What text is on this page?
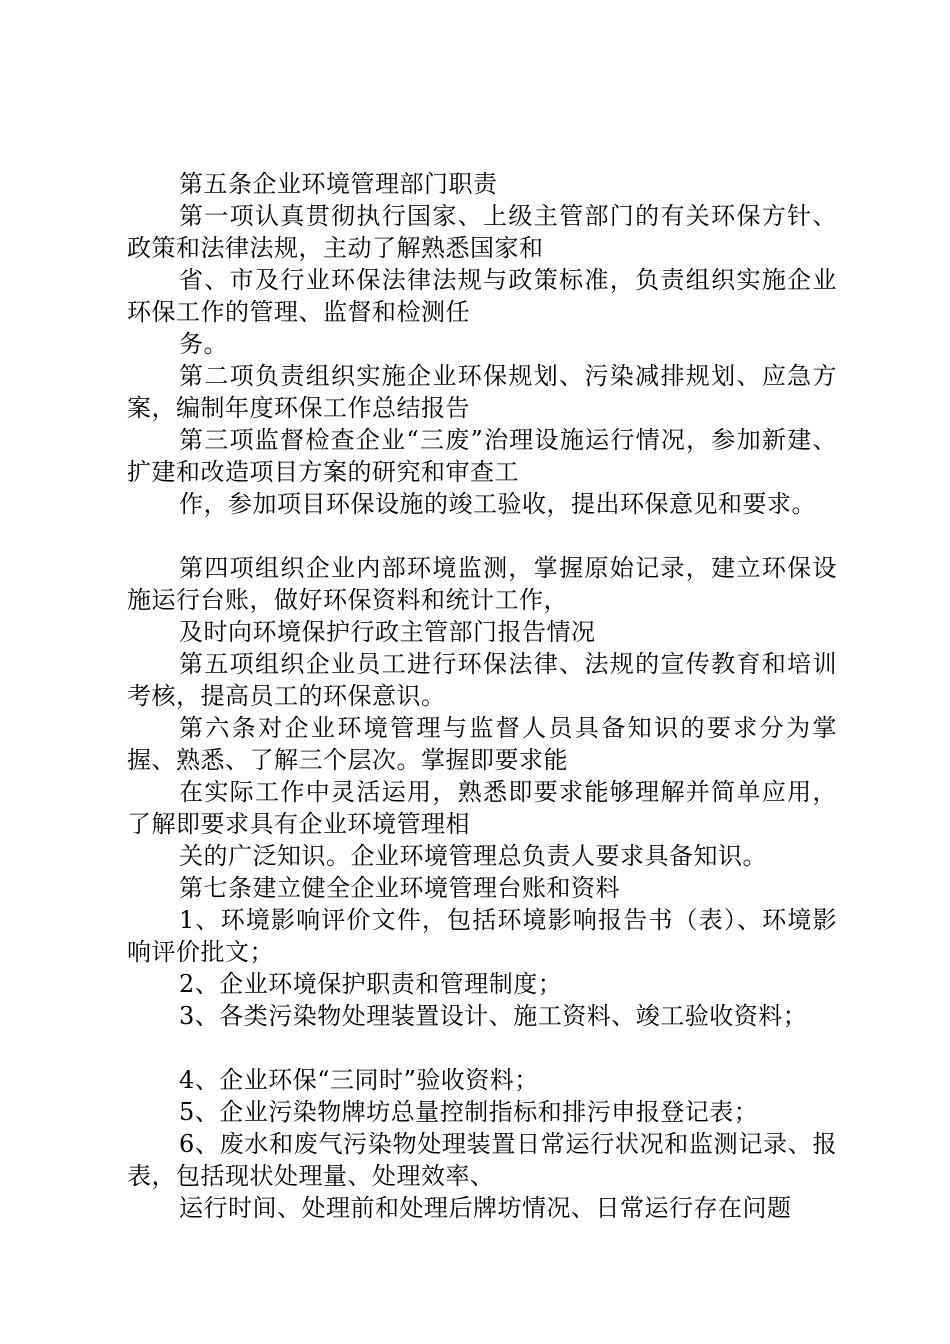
第五条企业环境管理部门职责

第一项认真贯彻执行国家、上级主管部门的有关环保方针、政策和法律法规，主动了解熟悉国家和

省、市及行业环保法律法规与政策标准，负责组织实施企业环保工作的管理、监督和检测任

务。

第二项负责组织实施企业环保规划、污染减排规划、应急方案，编制年度环保工作总结报告

第三项监督检查企业“三废”治理设施运行情况，参加新建、扩建和改造项目方案的研究和审查工

作，参加项目环保设施的竣工验收，提出环保意见和要求。

第四项组织企业内部环境监测，掌握原始记录，建立环保设施运行台账，做好环保资料和统计工作，

及时向环境保护行政主管部门报告情况

第五项组织企业员工进行环保法律、法规的宣传教育和培训考核，提高员工的环保意识。

第六条对企业环境管理与监督人员具备知识的要求分为掌握、熟悉、了解三个层次。掌握即要求能

在实际工作中灵活运用，熟悉即要求能够理解并简单应用，了解即要求具有企业环境管理相

关的广泛知识。企业环境管理总负责人要求具备知识。

第七条建立健全企业环境管理台账和资料

1、环境影响评价文件，包括环境影响报告书（表）、环境影响评价批文；

2、企业环境保护职责和管理制度；

3、各类污染物处理装置设计、施工资料、竣工验收资料；

4、企业环保“三同时”验收资料；

5、企业污染物牌坊总量控制指标和排污申报登记表；

6、废水和废气污染物处理装置日常运行状况和监测记录、报表，包括现状处理量、处理效率、

运行时间、处理前和处理后牌坊情况、日常运行存在问题
